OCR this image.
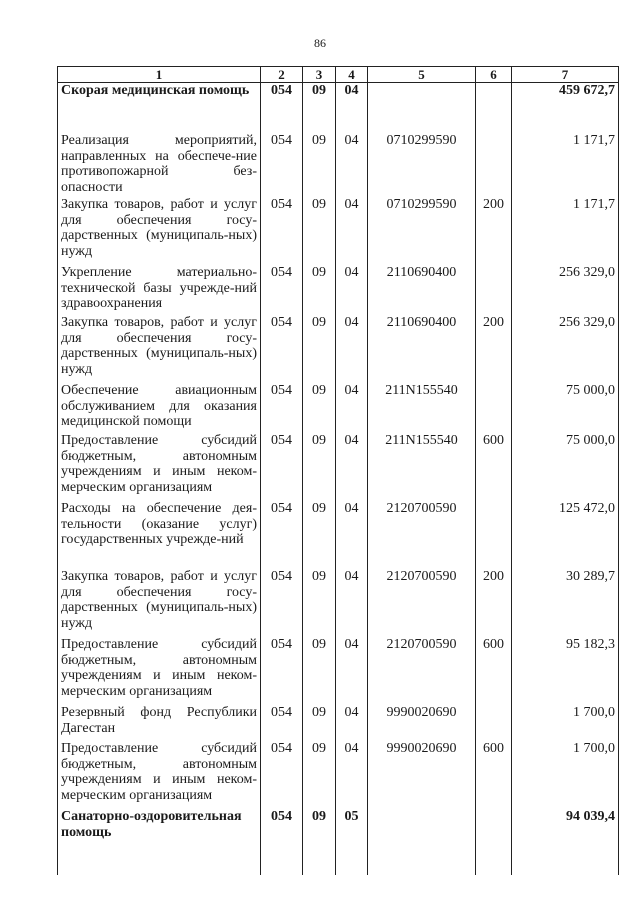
86
1	2	3	4	5	6	7
Скорая медицинская помощь	054	09	04			459 672,7
Реализация мероприятий, направленных на обеспече-ние противопожарной без-опасности	054	09	04	0710299590		1 171,7
Закупка товаров, работ и услуг для обеспечения госу-дарственных (муниципаль-ных) нужд	054	09	04	0710299590	200	1 171,7
Укрепление материально-технической базы учрежде-ний здравоохранения	054	09	04	2110690400		256 329,0
Закупка товаров, работ и услуг для обеспечения госу-дарственных (муниципаль-ных) нужд	054	09	04	2110690400	200	256 329,0
Обеспечение авиационным обслуживанием для оказания медицинской помощи	054	09	04	211N155540		75 000,0
Предоставление субсидий бюджетным, автономным учреждениям и иным неком-мерческим организациям	054	09	04	211N155540	600	75 000,0
Расходы на обеспечение дея-тельности (оказание услуг) государственных учрежде-ний	054	09	04	2120700590		125 472,0
Закупка товаров, работ и услуг для обеспечения госу-дарственных (муниципаль-ных) нужд	054	09	04	2120700590	200	30 289,7
Предоставление субсидий бюджетным, автономным учреждениям и иным неком-мерческим организациям	054	09	04	2120700590	600	95 182,3
Резервный фонд Республики Дагестан	054	09	04	9990020690		1 700,0
Предоставление субсидий бюджетным, автономным учреждениям и иным неком-мерческим организациям	054	09	04	9990020690	600	1 700,0
Санаторно-оздоровительная помощь	054	09	05			94 039,4
